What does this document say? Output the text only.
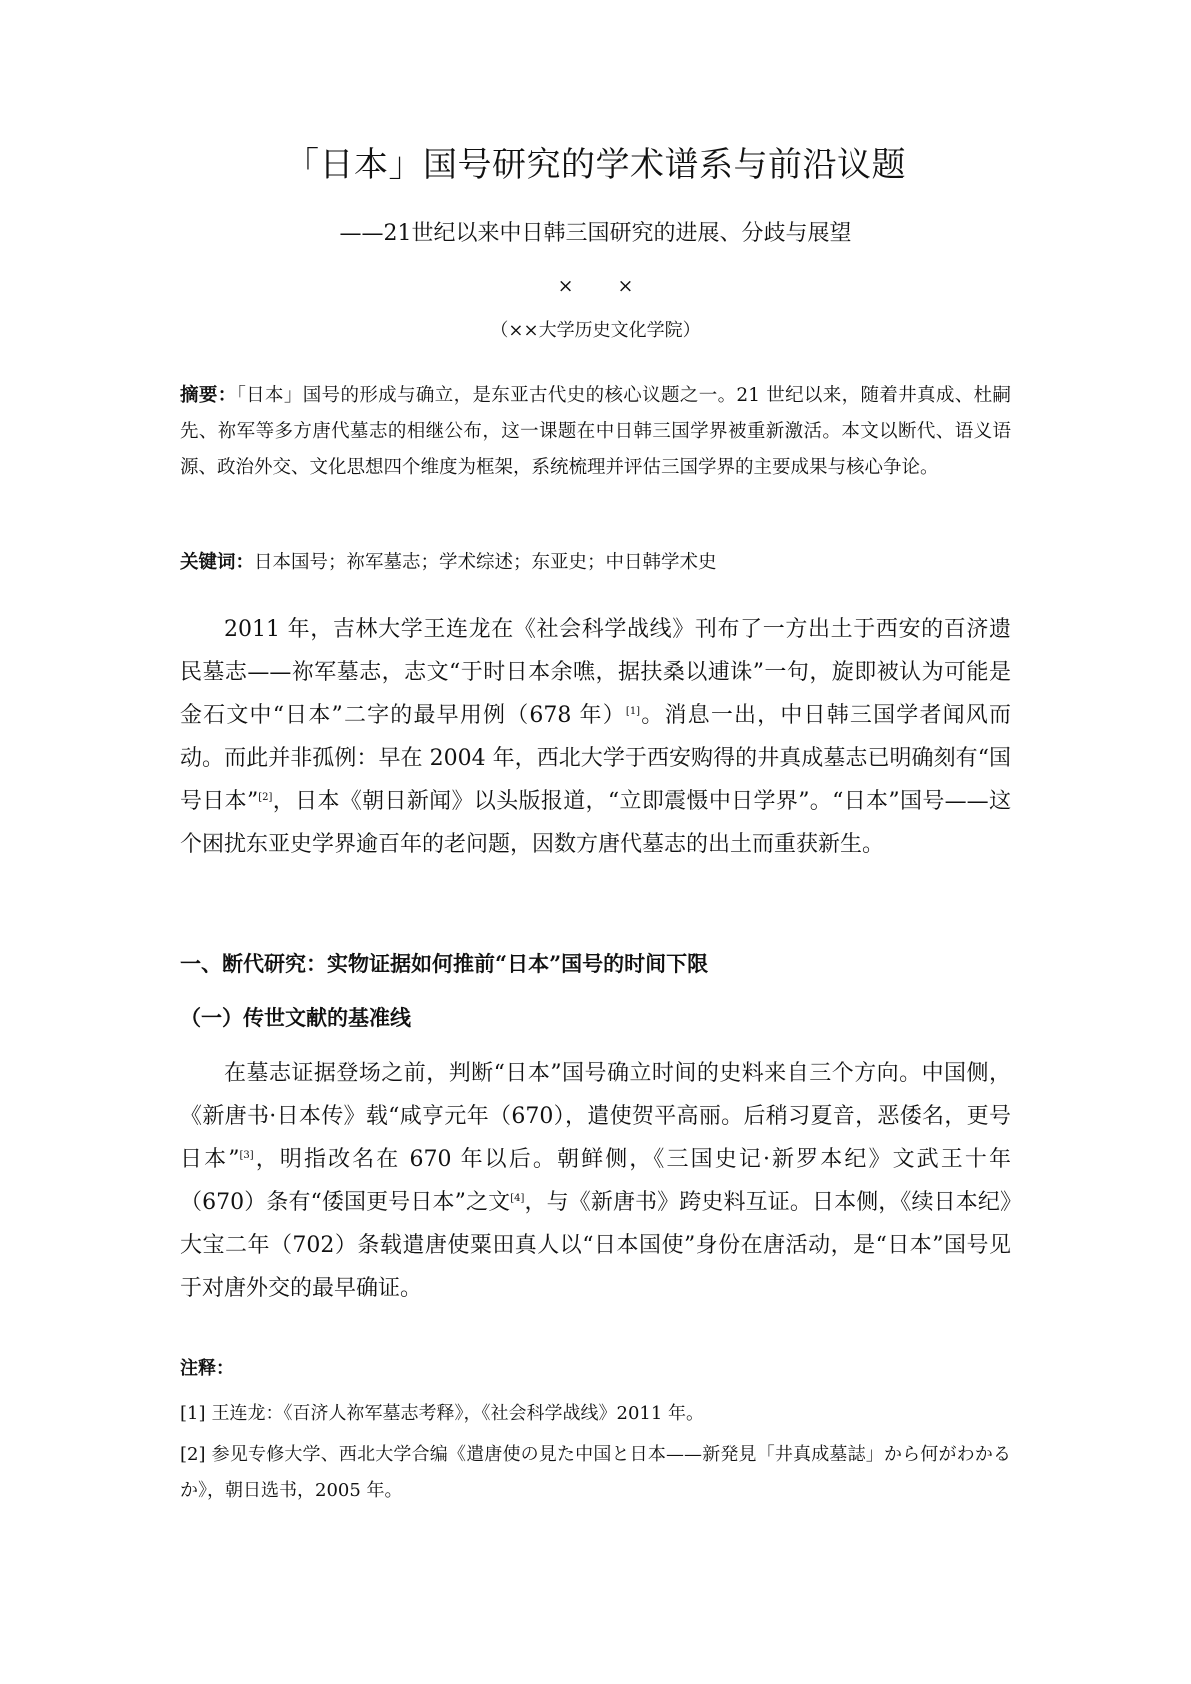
「日本」国号研究的学术谱系与前沿议题
——21世纪以来中日韩三国研究的进展、分歧与展望
× ×
（××大学历史文化学院）

摘要：「日本」国号的形成与确立，是东亚古代史的核心议题之一。21 世纪以来，随着井真成、杜嗣先、祢军等多方唐代墓志的相继公布，这一课题在中日韩三国学界被重新激活。本文以断代、语义语源、政治外交、文化思想四个维度为框架，系统梳理并评估三国学界的主要成果与核心争论。

关键词：日本国号；祢军墓志；学术综述；东亚史；中日韩学术史

2011 年，吉林大学王连龙在《社会科学战线》刊布了一方出土于西安的百济遗民墓志——祢军墓志，志文“于时日本余噍，据扶桑以逋诛”一句，旋即被认为可能是金石文中“日本”二字的最早用例（678 年）[1]。消息一出，中日韩三国学者闻风而动。而此并非孤例：早在 2004 年，西北大学于西安购得的井真成墓志已明确刻有“国号日本”[2]，日本《朝日新闻》以头版报道，“立即震慑中日学界”。“日本”国号——这个困扰东亚史学界逾百年的老问题，因数方唐代墓志的出土而重获新生。

一、断代研究：实物证据如何推前“日本”国号的时间下限
（一）传世文献的基准线

在墓志证据登场之前，判断“日本”国号确立时间的史料来自三个方向。中国侧，《新唐书·日本传》载“咸亨元年（670），遣使贺平高丽。后稍习夏音，恶倭名，更号日本”[3]，明指改名在 670 年以后。朝鲜侧，《三国史记·新罗本纪》文武王十年（670）条有“倭国更号日本”之文[4]，与《新唐书》跨史料互证。日本侧，《续日本纪》大宝二年（702）条载遣唐使粟田真人以“日本国使”身份在唐活动，是“日本”国号见于对唐外交的最早确证。

注释：
[1] 王连龙：《百济人祢军墓志考释》，《社会科学战线》2011 年。
[2] 参见专修大学、西北大学合编《遣唐使の見た中国と日本——新発見「井真成墓誌」から何がわかるか》，朝日选书，2005 年。
